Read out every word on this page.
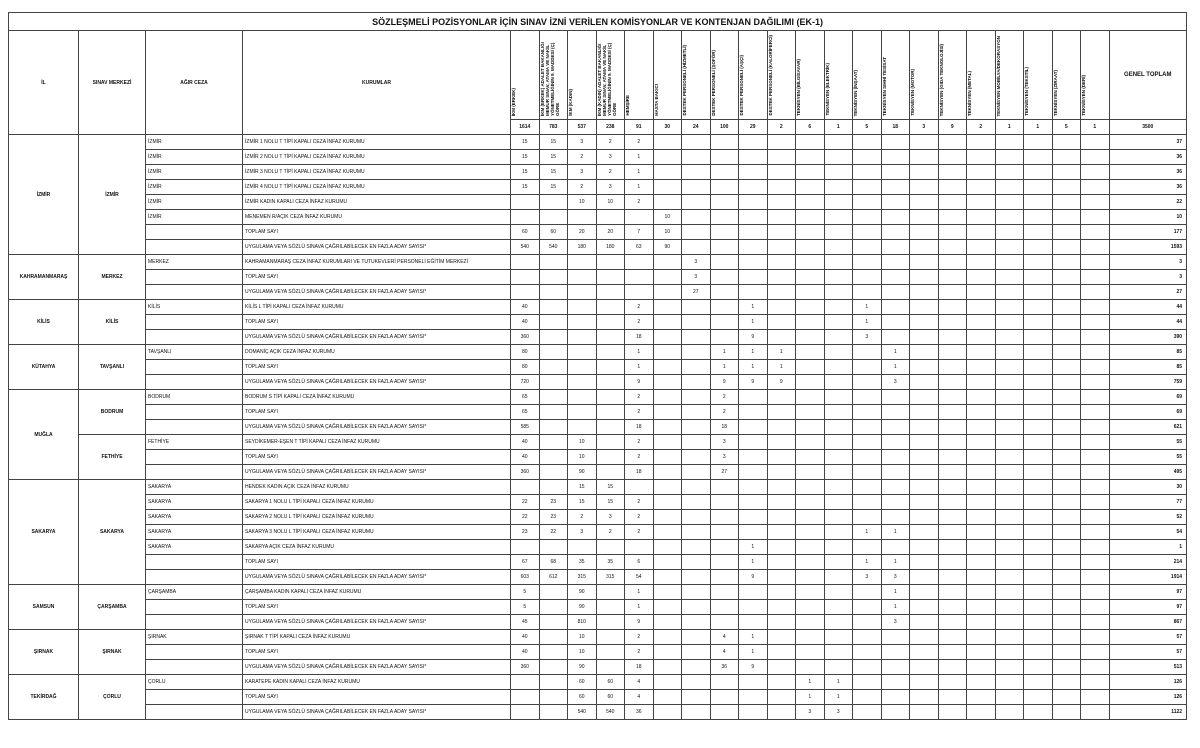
SÖZLEŞMELİ POZİSYONLAR İÇİN SINAV İZNİ VERİLEN KOMİSYONLAR VE KONTENJAN DAĞILIMI (EK-1)																									
İL	SINAV MERKEZİ	AĞIR CEZA	KURUMLAR	İKM (ERKEK)	İKM (ERKEK) ADALET BAKANLIĞI MEMUR SINAV, ATAMA VE NAKİL YÖNETMELİĞİNİN 9. MADDESİ (Ç) GÖRE	İKM (KADIN)	İKM (KADIN) ADALET BAKANLIĞI MEMUR SINAV, ATAMA VE NAKİL YÖNETMELİĞİNİN 9. MADDESİ (Ç) GÖRE	HEMŞİRE	HASTA BAKICI	DESTEK PERSONELİ (HİZMETLİ)	DESTEK PERSONELİ (ŞOFÖR)	DESTEK PERSONELİ (AŞÇI)	DESTEK PERSONELİ (KALORİFERCİ)	TEKNİSYEN (BİLGİSAYAR)	TEKNİSYEN (ELEKTRİK)	TEKNİSYEN (İNŞAAT)	TEKNİSYEN SIHHİ TESİSAT	TEKNİSYEN (MOTOR)	TEKNİSYEN (GIDA TEKNOLOJİSİ)	TEKNİSYEN (METAL)	TEKNİSYEN MOBİLYA/DEKORASYON	TEKNİSYEN (TEKSTİL)	TEKNİSYEN (ZİRAAT)	TEKNİSYEN (DERİ)	GENEL TOPLAM
				1614	783	537	238	91	30	24	100	29	2	6	1	5	18	3	9	2	1	1	5	1	3500
İZMİR	İZMİR	İZMİR	İZMİR 1 NOLU T TİPİ KAPALI CEZA İNFAZ KURUMU	15	15	3	2	2																	37
		İZMİR	İZMİR 2 NOLU T TİPİ KAPALI CEZA İNFAZ KURUMU	15	15	2	3	1																	36
		İZMİR	İZMİR 3 NOLU T TİPİ KAPALI CEZA İNFAZ KURUMU	15	15	3	2	1																	36
		İZMİR	İZMİR 4 NOLU T TİPİ KAPALI CEZA İNFAZ KURUMU	15	15	2	3	1																	36
		İZMİR	İZMİR KADIN KAPALI CEZA İNFAZ KURUMU			10	10	2																	22
		İZMİR	MENEMEN R/AÇIK CEZA İNFAZ KURUMU						10																10
			TOPLAM SAYI	60	60	20	20	7	10																177
			UYGULAMA VEYA SÖZLÜ SINAVA ÇAĞRILABİLECEK EN FAZLA ADAY SAYISI*	540	540	180	180	63	90																1593
KAHRAMANMARAŞ	MERKEZ	MERKEZ	KAHRAMANMARAŞ CEZA İNFAZ KURUMLARI VE TUTUKEVLERİ PERSONELİ EĞİTİM MERKEZİ							3															3
			TOPLAM SAYI							3															3
			UYGULAMA VEYA SÖZLÜ SINAVA ÇAĞRILABİLECEK EN FAZLA ADAY SAYISI*							27															27
KİLİS	KİLİS	KİLİS	KİLİS L TİPİ KAPALI CEZA İNFAZ KURUMU	40				2				1				1									44
			TOPLAM SAYI	40				2				1				1									44
			UYGULAMA VEYA SÖZLÜ SINAVA ÇAĞRILABİLECEK EN FAZLA ADAY SAYISI*	360				18				9				3									390
KÜTAHYA	TAVŞANLI	TAVŞANLI	DOMANİÇ AÇIK CEZA İNFAZ KURUMU	80				1			1	1	1				1								85
			TOPLAM SAYI	80				1			1	1	1				1								85
			UYGULAMA VEYA SÖZLÜ SINAVA ÇAĞRILABİLECEK EN FAZLA ADAY SAYISI*	720				9			9	9	9				3								759
MUĞLA	BODRUM	BODRUM	BODRUM S TİPİ KAPALI CEZA İNFAZ KURUMU	65				2			2														69
			TOPLAM SAYI	65				2			2														69
			UYGULAMA VEYA SÖZLÜ SINAVA ÇAĞRILABİLECEK EN FAZLA ADAY SAYISI*	585				18			18														621
	FETHİYE	FETHİYE	SEYDİKEMER-EŞEN T TİPİ KAPALI CEZA İNFAZ KURUMU	40		10		2			3														55
			TOPLAM SAYI	40		10		2			3														55
			UYGULAMA VEYA SÖZLÜ SINAVA ÇAĞRILABİLECEK EN FAZLA ADAY SAYISI*	360		90		18			27														495
SAKARYA	SAKARYA	SAKARYA	HENDEK KADIN AÇIK CEZA İNFAZ KURUMU			15	15																		30
		SAKARYA	SAKARYA 1 NOLU L TİPİ KAPALI CEZA İNFAZ KURUMU	22	23	15	15	2																	77
		SAKARYA	SAKARYA 2 NOLU L TİPİ KAPALI CEZA İNFAZ KURUMU	22	23	2	3	2																	52
		SAKARYA	SAKARYA 3 NOLU L TİPİ KAPALI CEZA İNFAZ KURUMU	23	22	3	2	2								1	1								54
		SAKARYA	SAKARYA AÇIK CEZA İNFAZ KURUMU									1													1
			TOPLAM SAYI	67	68	35	35	6				1				1	1								214
			UYGULAMA VEYA SÖZLÜ SINAVA ÇAĞRILABİLECEK EN FAZLA ADAY SAYISI*	603	612	315	315	54				9				3	3								1914
SAMSUN	ÇARŞAMBA	ÇARŞAMBA	ÇARŞAMBA KADIN KAPALI CEZA İNFAZ KURUMU	5		90		1									1								97
			TOPLAM SAYI	5		90		1									1								97
			UYGULAMA VEYA SÖZLÜ SINAVA ÇAĞRILABİLECEK EN FAZLA ADAY SAYISI*	45		810		9									3								867
ŞIRNAK	ŞIRNAK	ŞIRNAK	ŞIRNAK T TİPİ KAPALI CEZA İNFAZ KURUMU	40		10		2			4	1													57
			TOPLAM SAYI	40		10		2			4	1													57
			UYGULAMA VEYA SÖZLÜ SINAVA ÇAĞRILABİLECEK EN FAZLA ADAY SAYISI*	360		90		18			36	9													513
TEKİRDAĞ	ÇORLU	ÇORLU	KARATEPE KADIN KAPALI CEZA İNFAZ KURUMU			60	60	4						1	1										126
			TOPLAM SAYI			60	60	4						1	1										126
			UYGULAMA VEYA SÖZLÜ SINAVA ÇAĞRILABİLECEK EN FAZLA ADAY SAYISI*			540	540	36						3	3										1122
